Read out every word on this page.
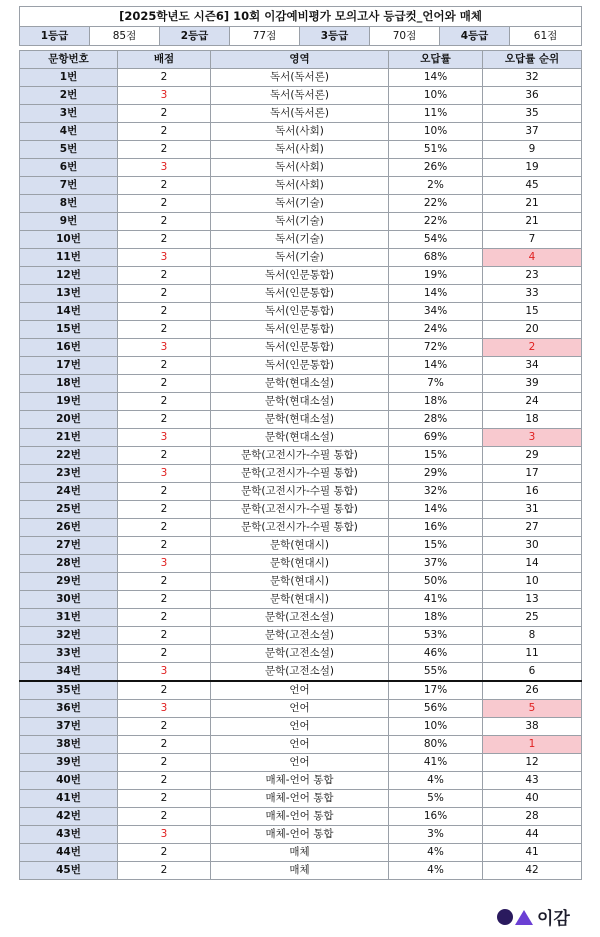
[2025학년도 시즌6] 10회 이감예비평가 모의고사 등급컷_언어와 매체
1등급	85점	2등급	77점	3등급	70점	4등급	61점
문항번호	배점	영역	오답률	오답률 순위
1번	2	독서(독서론)	14%	32
2번	3	독서(독서론)	10%	36
3번	2	독서(독서론)	11%	35
4번	2	독서(사회)	10%	37
5번	2	독서(사회)	51%	9
6번	3	독서(사회)	26%	19
7번	2	독서(사회)	2%	45
8번	2	독서(기술)	22%	21
9번	2	독서(기술)	22%	21
10번	2	독서(기술)	54%	7
11번	3	독서(기술)	68%	4
12번	2	독서(인문통합)	19%	23
13번	2	독서(인문통합)	14%	33
14번	2	독서(인문통합)	34%	15
15번	2	독서(인문통합)	24%	20
16번	3	독서(인문통합)	72%	2
17번	2	독서(인문통합)	14%	34
18번	2	문학(현대소설)	7%	39
19번	2	문학(현대소설)	18%	24
20번	2	문학(현대소설)	28%	18
21번	3	문학(현대소설)	69%	3
22번	2	문학(고전시가-수필 통합)	15%	29
23번	3	문학(고전시가-수필 통합)	29%	17
24번	2	문학(고전시가-수필 통합)	32%	16
25번	2	문학(고전시가-수필 통합)	14%	31
26번	2	문학(고전시가-수필 통합)	16%	27
27번	2	문학(현대시)	15%	30
28번	3	문학(현대시)	37%	14
29번	2	문학(현대시)	50%	10
30번	2	문학(현대시)	41%	13
31번	2	문학(고전소설)	18%	25
32번	2	문학(고전소설)	53%	8
33번	2	문학(고전소설)	46%	11
34번	3	문학(고전소설)	55%	6
35번	2	언어	17%	26
36번	3	언어	56%	5
37번	2	언어	10%	38
38번	2	언어	80%	1
39번	2	언어	41%	12
40번	2	매체-언어 통합	4%	43
41번	2	매체-언어 통합	5%	40
42번	2	매체-언어 통합	16%	28
43번	3	매체-언어 통합	3%	44
44번	2	매체	4%	41
45번	2	매체	4%	42
이감
